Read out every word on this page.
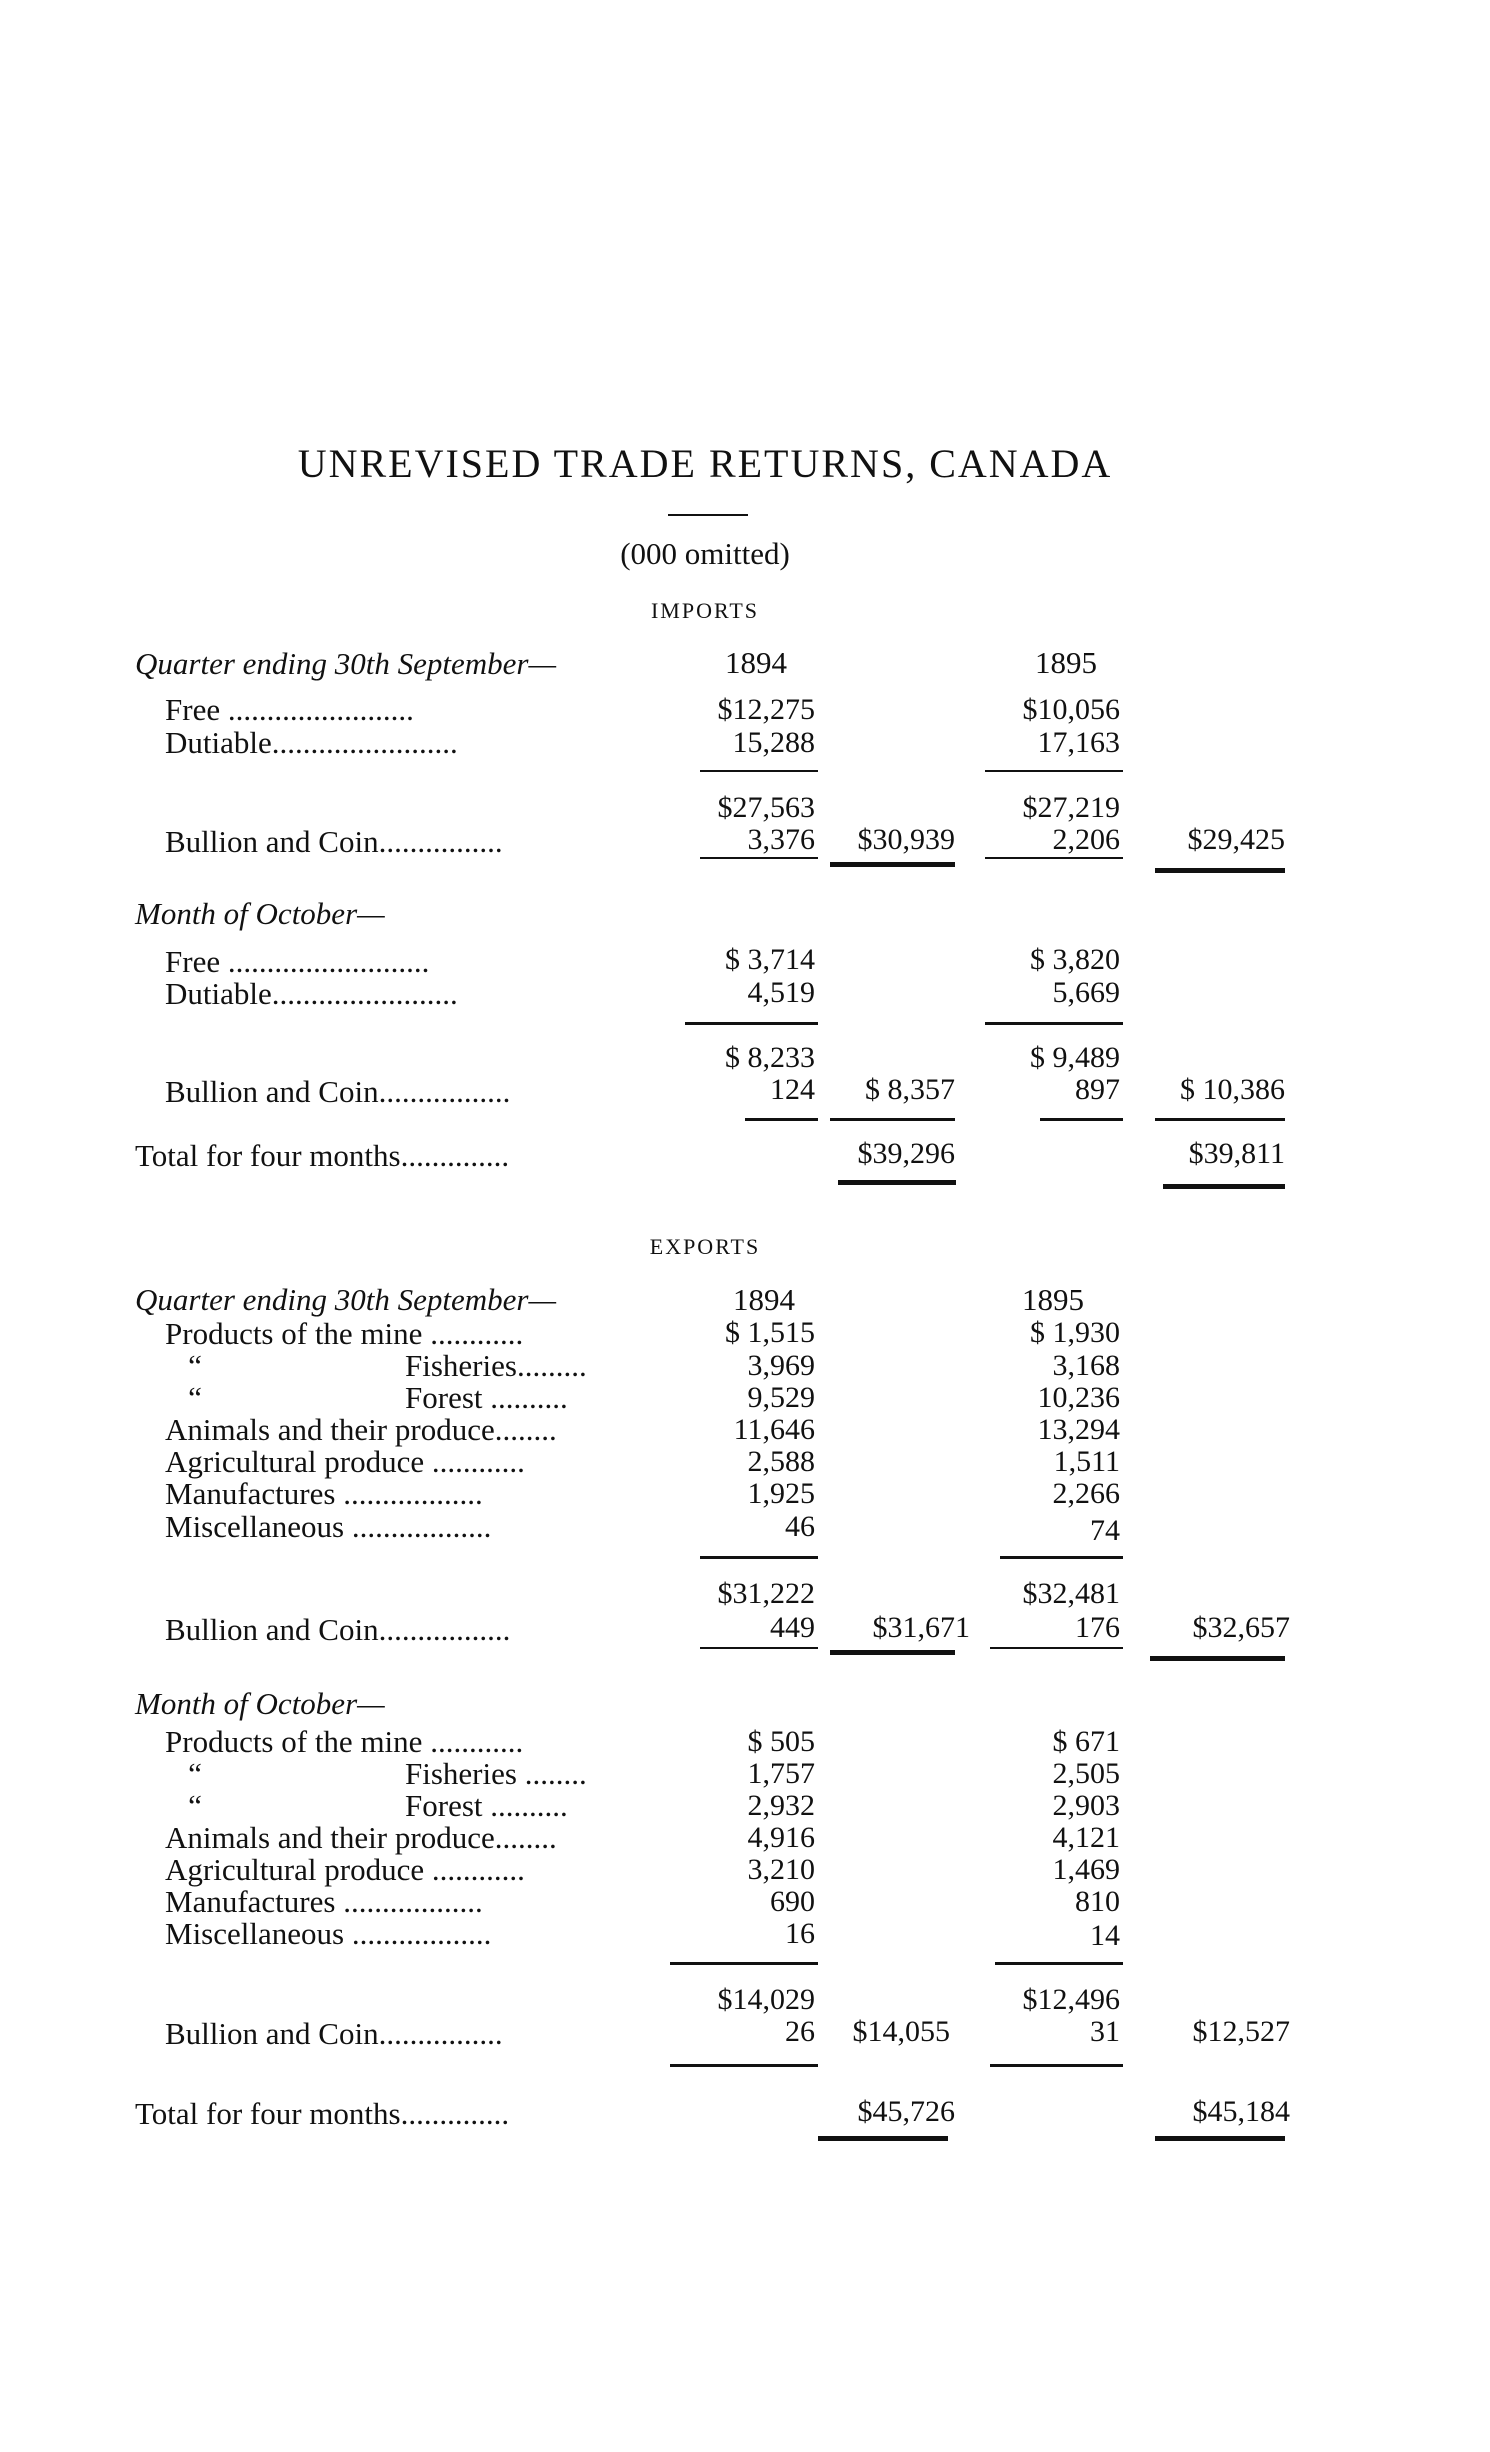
UNREVISED TRADE RETURNS, CANADA
(000 omitted)
IMPORTS
Quarter ending 30th September—	1894	1895
Free ........................	$12,275	$10,056
Dutiable........................	15,288	17,163
$27,563	$27,219
Bullion and Coin................	3,376 $30,939	2,206 $29,425
Month of October—
Free ..........................	$ 3,714	$ 3,820
Dutiable........................	4,519	5,669
$ 8,233	$ 9,489
Bullion and Coin.................	124 $ 8,357	897 $ 10,386
Total for four months..............	$39,296	$39,811
EXPORTS
Quarter ending 30th September—	1894	1895
Products of the mine ............	$ 1,515	$ 1,930
“	Fisheries.........	3,969	3,168
“	Forest ..........	9,529	10,236
Animals and their produce........	11,646	13,294
Agricultural produce ............	2,588	1,511
Manufactures ..................	1,925	2,266
Miscellaneous ..................	46	74
$31,222	$32,481
Bullion and Coin.................	449 $31,671	176 $32,657
Month of October—
Products of the mine ............	$ 505	$ 671
“	Fisheries ........	1,757	2,505
“	Forest ..........	2,932	2,903
Animals and their produce........	4,916	4,121
Agricultural produce ............	3,210	1,469
Manufactures ..................	690	810
Miscellaneous ..................	16	14
$14,029	$12,496
Bullion and Coin................	26 $14,055	31 $12,527
Total for four months..............	$45,726	$45,184
